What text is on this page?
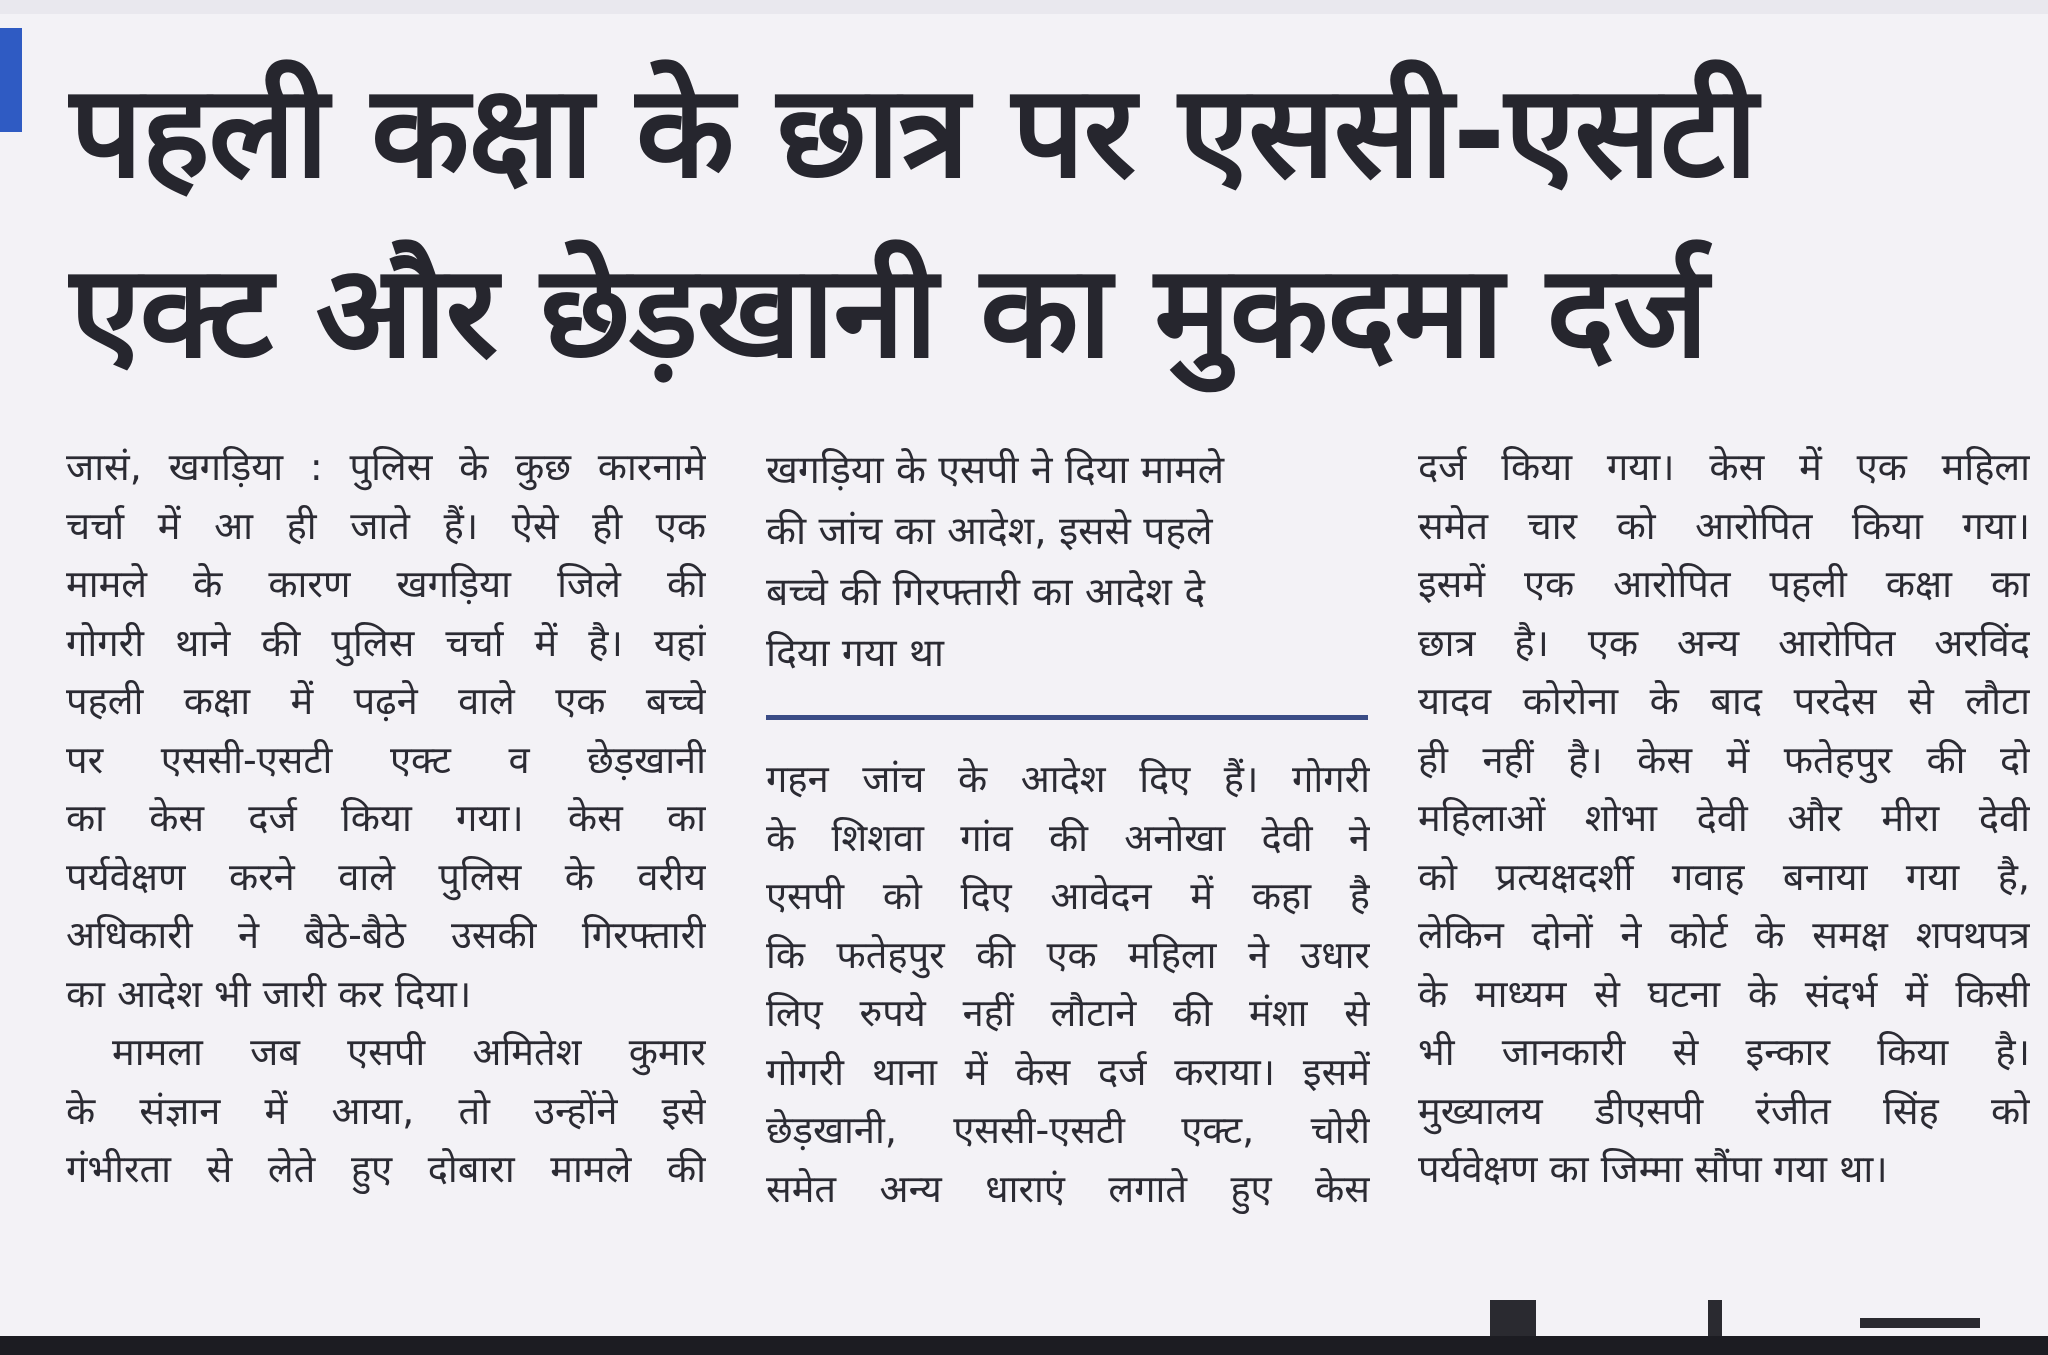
पहली कक्षा के छात्र पर एससी-एसटी
एक्ट और छेड़खानी का मुकदमा दर्ज

जासं, खगड़िया : पुलिस के कुछ कारनामे

चर्चा में आ ही जाते हैं। ऐसे ही एक

मामले के कारण खगड़िया जिले की

गोगरी थाने की पुलिस चर्चा में है। यहां

पहली कक्षा में पढ़ने वाले एक बच्चे

पर एससी-एसटी एक्ट व छेड़खानी

का केस दर्ज किया गया। केस का

पर्यवेक्षण करने वाले पुलिस के वरीय

अधिकारी ने बैठे-बैठे उसकी गिरफ्तारी

का आदेश भी जारी कर दिया।

मामला जब एसपी अमितेश कुमार

के संज्ञान में आया, तो उन्होंने इसे

गंभीरता से लेते हुए दोबारा मामले की

खगड़िया के एसपी ने दिया मामले

की जांच का आदेश, इससे पहले

बच्चे की गिरफ्तारी का आदेश दे

दिया गया था

गहन जांच के आदेश दिए हैं। गोगरी

के शिशवा गांव की अनोखा देवी ने

एसपी को दिए आवेदन में कहा है

कि फतेहपुर की एक महिला ने उधार

लिए रुपये नहीं लौटाने की मंशा से

गोगरी थाना में केस दर्ज कराया। इसमें

छेड़खानी, एससी-एसटी एक्ट, चोरी

समेत अन्य धाराएं लगाते हुए केस

दर्ज किया गया। केस में एक महिला

समेत चार को आरोपित किया गया।

इसमें एक आरोपित पहली कक्षा का

छात्र है। एक अन्य आरोपित अरविंद

यादव कोरोना के बाद परदेस से लौटा

ही नहीं है। केस में फतेहपुर की दो

महिलाओं शोभा देवी और मीरा देवी

को प्रत्यक्षदर्शी गवाह बनाया गया है,

लेकिन दोनों ने कोर्ट के समक्ष शपथपत्र

के माध्यम से घटना के संदर्भ में किसी

भी जानकारी से इन्कार किया है।

मुख्यालय डीएसपी रंजीत सिंह को

पर्यवेक्षण का जिम्मा सौंपा गया था।
